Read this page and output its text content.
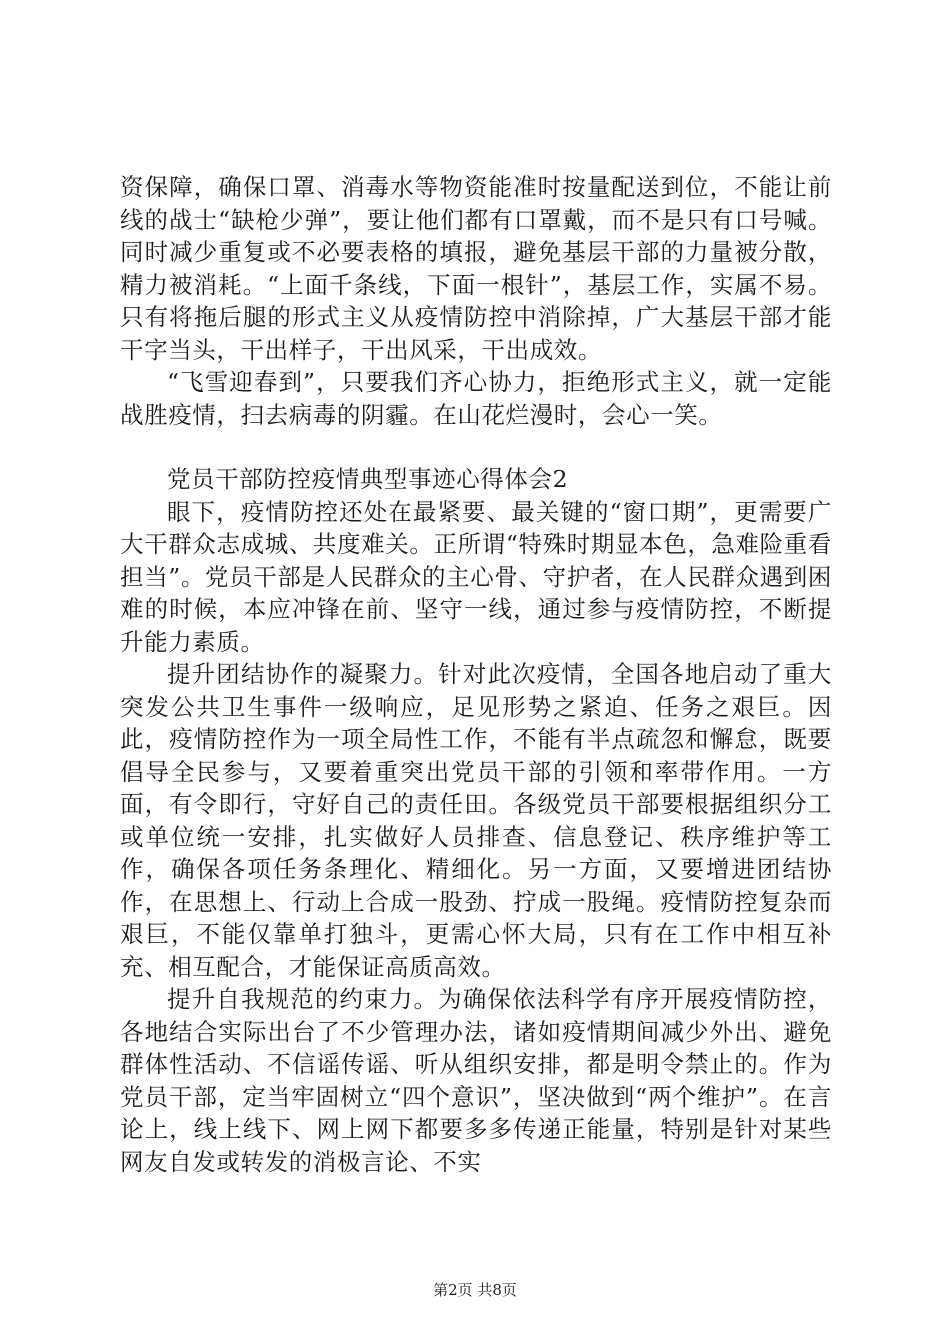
资保障，确保口罩、消毒水等物资能准时按量配送到位，不能让前线的战士“缺枪少弹”，要让他们都有口罩戴，而不是只有口号喊。同时减少重复或不必要表格的填报，避免基层干部的力量被分散，精力被消耗。“上面千条线，下面一根针”，基层工作，实属不易。只有将拖后腿的形式主义从疫情防控中消除掉，广大基层干部才能干字当头，干出样子，干出风采，干出成效。

“飞雪迎春到”，只要我们齐心协力，拒绝形式主义，就一定能战胜疫情，扫去病毒的阴霾。在山花烂漫时，会心一笑。

党员干部防控疫情典型事迹心得体会2

眼下，疫情防控还处在最紧要、最关键的“窗口期”，更需要广大干群众志成城、共度难关。正所谓“特殊时期显本色，急难险重看担当”。党员干部是人民群众的主心骨、守护者，在人民群众遇到困难的时候，本应冲锋在前、坚守一线，通过参与疫情防控，不断提升能力素质。

提升团结协作的凝聚力。针对此次疫情，全国各地启动了重大突发公共卫生事件一级响应，足见形势之紧迫、任务之艰巨。因此，疫情防控作为一项全局性工作，不能有半点疏忽和懈怠，既要倡导全民参与，又要着重突出党员干部的引领和率带作用。一方面，有令即行，守好自己的责任田。各级党员干部要根据组织分工或单位统一安排，扎实做好人员排查、信息登记、秩序维护等工作，确保各项任务条理化、精细化。另一方面，又要增进团结协作，在思想上、行动上合成一股劲、拧成一股绳。疫情防控复杂而艰巨，不能仅靠单打独斗，更需心怀大局，只有在工作中相互补充、相互配合，才能保证高质高效。

提升自我规范的约束力。为确保依法科学有序开展疫情防控，各地结合实际出台了不少管理办法，诸如疫情期间减少外出、避免群体性活动、不信谣传谣、听从组织安排，都是明令禁止的。作为党员干部，定当牢固树立“四个意识”，坚决做到“两个维护”。在言论上，线上线下、网上网下都要多多传递正能量，特别是针对某些网友自发或转发的消极言论、不实

第2页 共8页
